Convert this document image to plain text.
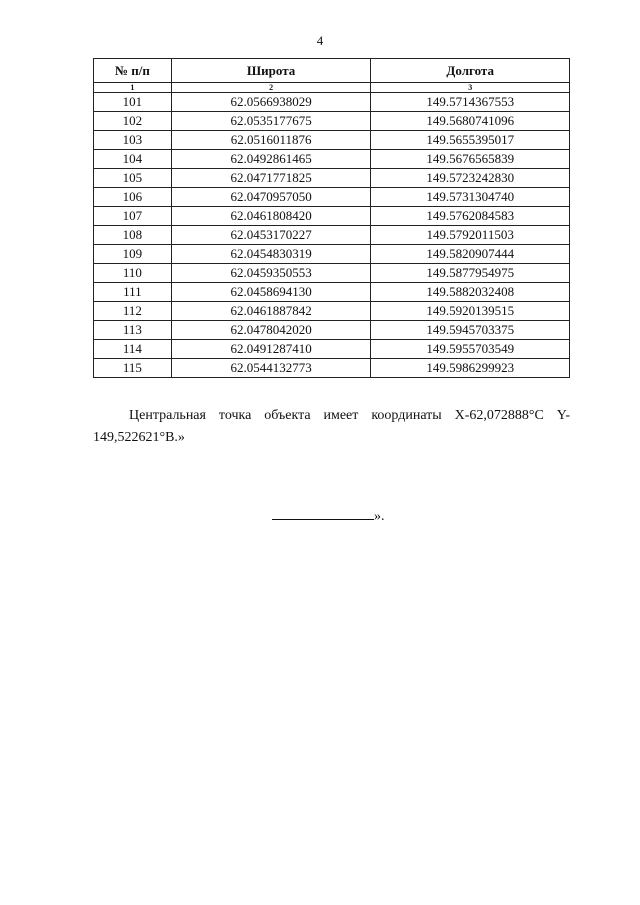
4
№ п/п	Широта	Долгота
1	2	3
101	62.0566938029	149.5714367553
102	62.0535177675	149.5680741096
103	62.0516011876	149.5655395017
104	62.0492861465	149.5676565839
105	62.0471771825	149.5723242830
106	62.0470957050	149.5731304740
107	62.0461808420	149.5762084583
108	62.0453170227	149.5792011503
109	62.0454830319	149.5820907444
110	62.0459350553	149.5877954975
111	62.0458694130	149.5882032408
112	62.0461887842	149.5920139515
113	62.0478042020	149.5945703375
114	62.0491287410	149.5955703549
115	62.0544132773	149.5986299923
Центральная точка объекта имеет координаты X-62,072888°С Y-
149,522621°В.»
».
